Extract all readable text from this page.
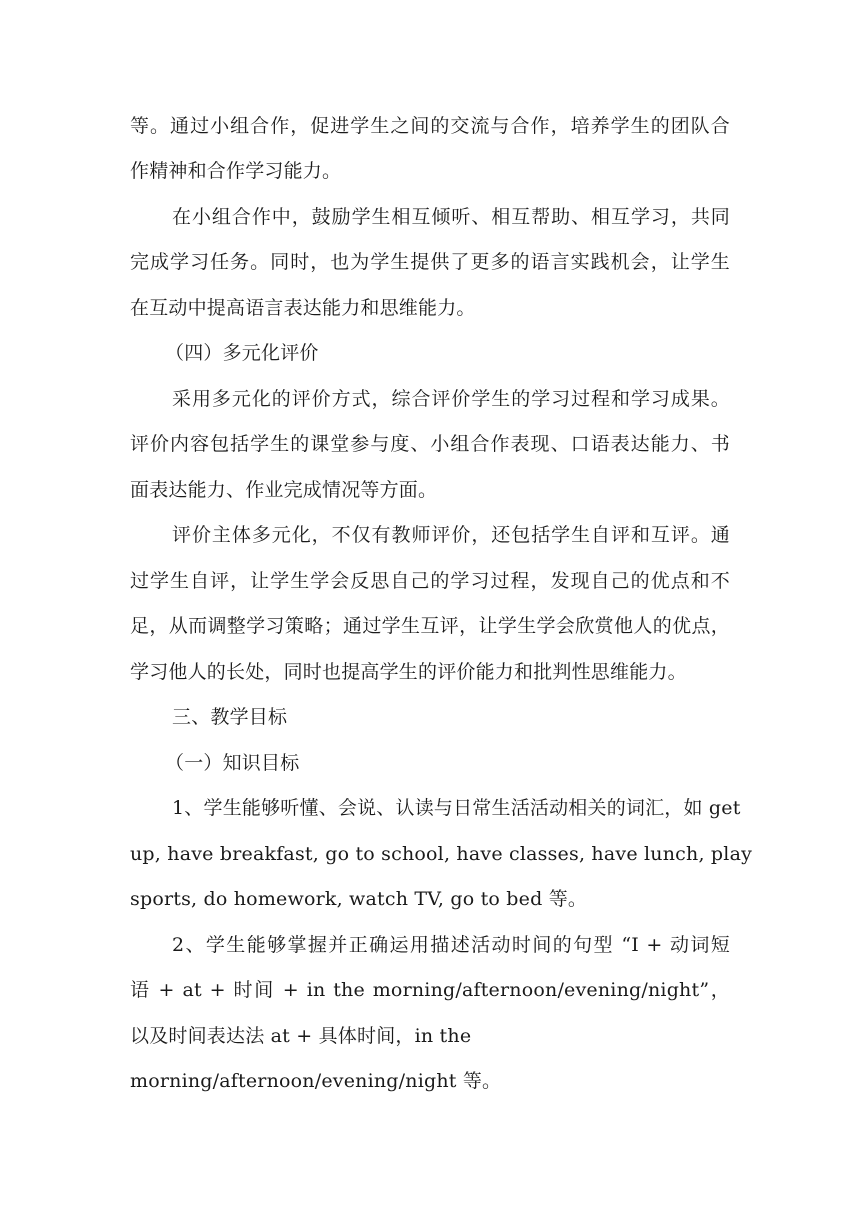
等。通过小组合作，促进学生之间的交流与合作，培养学生的团队合
作精神和合作学习能力。
在小组合作中，鼓励学生相互倾听、相互帮助、相互学习，共同
完成学习任务。同时，也为学生提供了更多的语言实践机会，让学生
在互动中提高语言表达能力和思维能力。
（四）多元化评价
采用多元化的评价方式，综合评价学生的学习过程和学习成果。
评价内容包括学生的课堂参与度、小组合作表现、口语表达能力、书
面表达能力、作业完成情况等方面。
评价主体多元化，不仅有教师评价，还包括学生自评和互评。通
过学生自评，让学生学会反思自己的学习过程，发现自己的优点和不
足，从而调整学习策略；通过学生互评，让学生学会欣赏他人的优点，
学习他人的长处，同时也提高学生的评价能力和批判性思维能力。
三、教学目标
（一）知识目标
1、学生能够听懂、会说、认读与日常生活活动相关的词汇，如 get
up, have breakfast, go to school, have classes, have lunch, play
sports, do homework, watch TV, go to bed 等。
2、学生能够掌握并正确运用描述活动时间的句型 “I + 动词短
语 + at + 时间 + in the morning/afternoon/evening/night”，
以及时间表达法 at + 具体时间，in the
morning/afternoon/evening/night 等。
